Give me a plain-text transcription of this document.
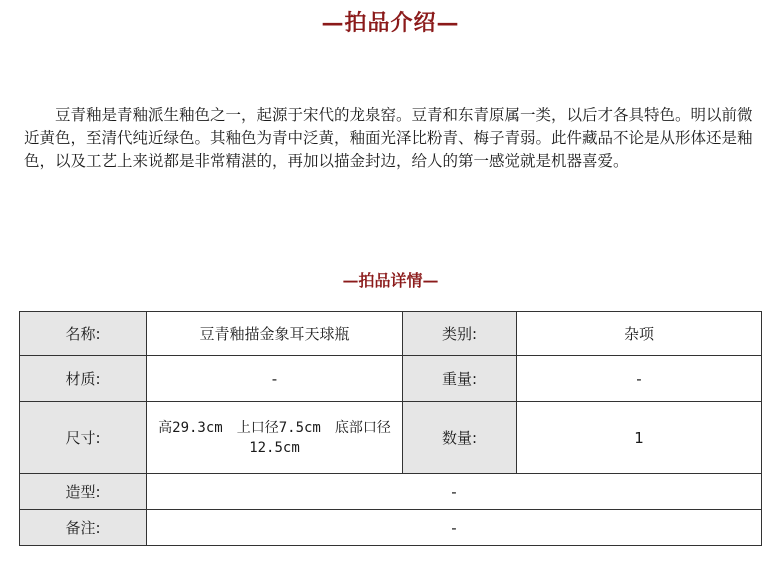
—拍品介绍—

豆青釉是青釉派生釉色之一，起源于宋代的龙泉窑。豆青和东青原属一类，以后才各具特色。明以前微近黄色，至清代纯近绿色。其釉色为青中泛黄，釉面光泽比粉青、梅子青弱。此件藏品不论是从形体还是釉色，以及工艺上来说都是非常精湛的，再加以描金封边，给人的第一感觉就是机器喜爱。

—拍品详情—
名称:	豆青釉描金象耳天球瓶	类别:	杂项
材质:	-	重量:	-
尺寸:	高29.3cm　上口径7.5cm　底部口径12.5cm	数量:	1
造型:	-		
备注:	-		
